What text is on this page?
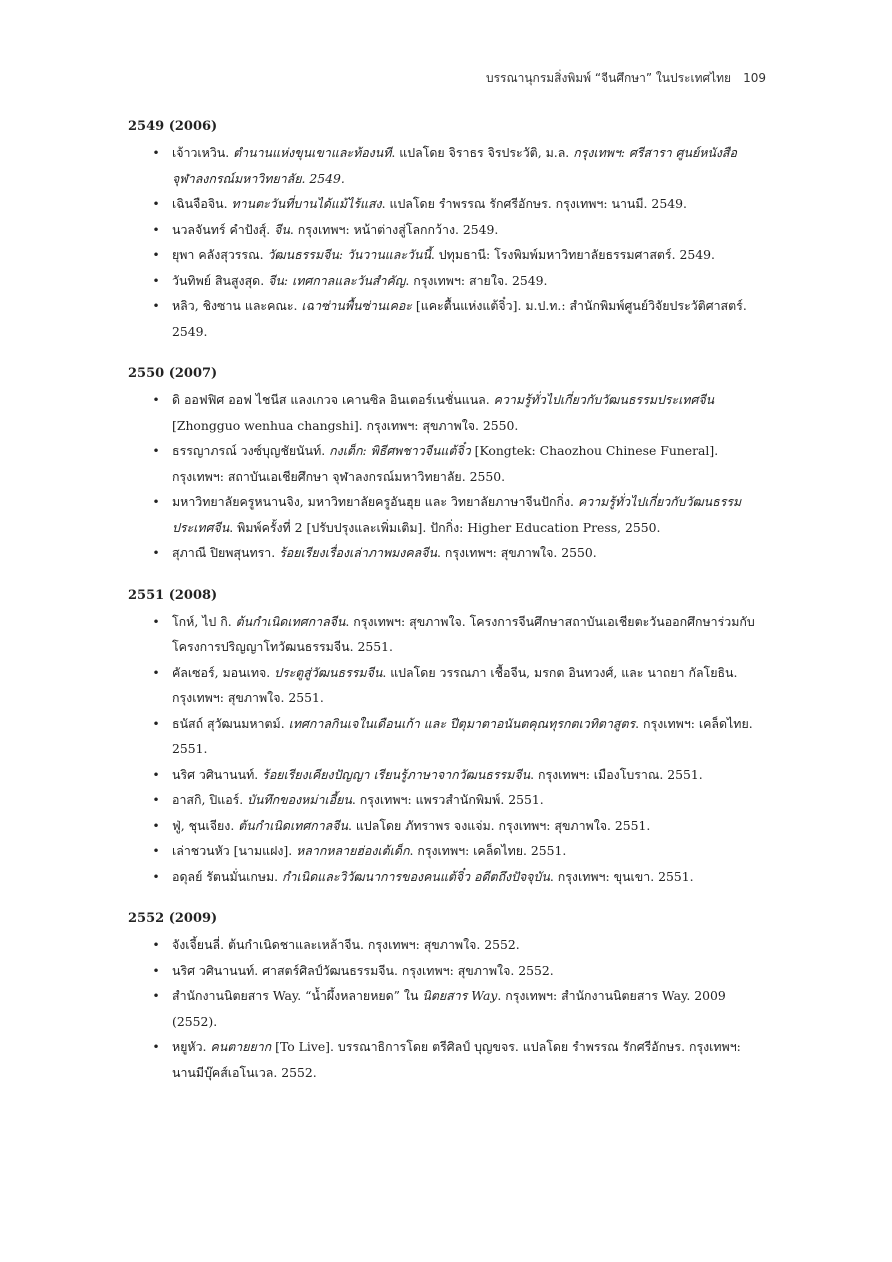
บรรณานุกรมสิ่งพิมพ์ “จีนศึกษา” ในประเทศไทย 109
2549 (2006)
• เจ้าวเหวิน. ตำนานแห่งขุนเขาและท้องนที. แปลโดย จิราธร จิรประวัติ, ม.ล. กรุงเทพฯ: ศรีสารา ศูนย์หนังสือจุฬาลงกรณ์มหาวิทยาลัย. 2549.
• เฉินจือจิน. ทานตะวันที่บานได้แม้ไร้แสง. แปลโดย รำพรรณ รักศรีอักษร. กรุงเทพฯ: นานมี. 2549.
• นวลจันทร์ คำปังสุ์. จีน. กรุงเทพฯ: หน้าต่างสู่โลกกว้าง. 2549.
• ยุพา คลังสุวรรณ. วัฒนธรรมจีน: วันวานและวันนี้. ปทุมธานี: โรงพิมพ์มหาวิทยาลัยธรรมศาสตร์. 2549.
• วันทิพย์ สินสูงสุด. จีน: เทศกาลและวันสำคัญ. กรุงเทพฯ: สายใจ. 2549.
• หลิว, ชิงซาน และคณะ. เฉาซ่านพื้นซ่านเคอะ [แคะตื้นแห่งแต้จิ๋ว]. ม.ป.ท.: สำนักพิมพ์ศูนย์วิจัยประวัติศาสตร์. 2549.
2550 (2007)
• ดิ ออฟฟิศ ออฟ ไชนีส แลงเกวจ เคานซิล อินเตอร์เนชั่นแนล. ความรู้ทั่วไปเกี่ยวกับวัฒนธรรมประเทศจีน [Zhongguo wenhua changshi]. กรุงเทพฯ: สุขภาพใจ. 2550.
• ธรรญาภรณ์ วงซ์บุญชัยนันท์. กงเต็ก: พิธีศพชาวจีนแต้จิ๋ว [Kongtek: Chaozhou Chinese Funeral]. กรุงเทพฯ: สถาบันเอเชียศึกษา จุฬาลงกรณ์มหาวิทยาลัย. 2550.
• มหาวิทยาลัยครูหนานจิง, มหาวิทยาลัยครูอันฮุย และ วิทยาลัยภาษาจีนปักกิ่ง. ความรู้ทั่วไปเกี่ยวกับวัฒนธรรมประเทศจีน. พิมพ์ครั้งที่ 2 [ปรับปรุงและเพิ่มเติม]. ปักกิ่ง: Higher Education Press, 2550.
• สุภาณี ปิยพสุนทรา. ร้อยเรียงเรื่องเล่าภาพมงคลจีน. กรุงเทพฯ: สุขภาพใจ. 2550.
2551 (2008)
• โกห์, ไป กิ. ต้นกำเนิดเทศกาลจีน. กรุงเทพฯ: สุขภาพใจ. โครงการจีนศึกษาสถาบันเอเชียตะวันออกศึกษาร่วมกับโครงการปริญญาโทวัฒนธรรมจีน. 2551.
• คัลเซอร์, มอนเทจ. ประตูสู่วัฒนธรรมจีน. แปลโดย วรรณภา เชื้อจีน, มรกต อินทวงศ์, และ นาถยา กัลโยธิน. กรุงเทพฯ: สุขภาพใจ. 2551.
• ธนัสถ์ สุวัฒนมหาตม์. เทศกาลกินเจในเดือนเก้า และ ปีตุมาตาอนันตคุณทุรกตเวทิตาสูตร. กรุงเทพฯ: เคล็ดไทย. 2551.
• นริศ วศินานนท์. ร้อยเรียงเคียงปัญญา เรียนรู้ภาษาจากวัฒนธรรมจีน. กรุงเทพฯ: เมืองโบราณ. 2551.
• อาสกิ, ปิแอร์. บันทึกของหม่าเอี้ยน. กรุงเทพฯ: แพรวสำนักพิมพ์. 2551.
• ฟู่, ชุนเจียง. ต้นกำเนิดเทศกาลจีน. แปลโดย ภัทราพร จงแจ่ม. กรุงเทพฯ: สุขภาพใจ. 2551.
• เล่าชวนหัว [นามแฝง]. หลากหลายฮ่องเต้เด็ก. กรุงเทพฯ: เคล็ดไทย. 2551.
• อดุลย์ รัตนมั่นเกษม. กำเนิดและวิวัฒนาการของคนแต้จิ๋ว อดีตถึงปัจจุบัน. กรุงเทพฯ: ขุนเขา. 2551.
2552 (2009)
• จังเจี้ยนลี่. ต้นกำเนิดชาและเหล้าจีน. กรุงเทพฯ: สุขภาพใจ. 2552.
• นริศ วศินานนท์. ศาสตร์ศิลป์วัฒนธรรมจีน. กรุงเทพฯ: สุขภาพใจ. 2552.
• สำนักงานนิตยสาร Way. “น้ำผึ้งหลายหยด” ใน นิตยสาร Way. กรุงเทพฯ: สำนักงานนิตยสาร Way. 2009 (2552).
• หยูหัว. คนตายยาก [To Live]. บรรณาธิการโดย ตรีศิลป์ บุญขจร. แปลโดย รำพรรณ รักศรีอักษร. กรุงเทพฯ: นานมีบุ๊คส์เอโนเวล. 2552.
